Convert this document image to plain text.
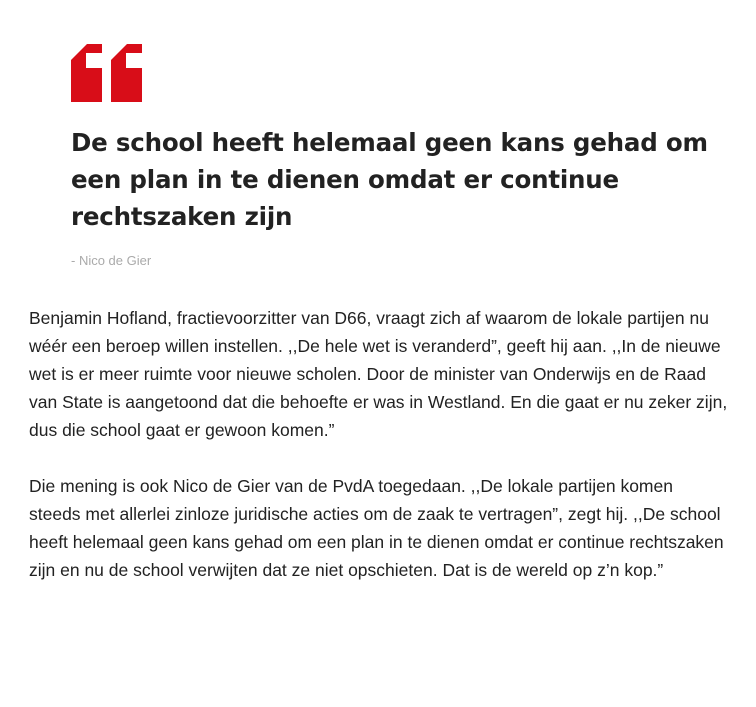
De school heeft helemaal geen kans gehad om een plan in te dienen omdat er continue rechtszaken zijn
- Nico de Gier

Benjamin Hofland, fractievoorzitter van D66, vraagt zich af waarom de lokale partijen nu wéér een beroep willen instellen. ,,De hele wet is veranderd”, geeft hij aan. ,,In de nieuwe wet is er meer ruimte voor nieuwe scholen. Door de minister van Onderwijs en de Raad van State is aangetoond dat die behoefte er was in Westland. En die gaat er nu zeker zijn, dus die school gaat er gewoon komen.”

Die mening is ook Nico de Gier van de PvdA toegedaan. ,,De lokale partijen komen steeds met allerlei zinloze juridische acties om de zaak te vertragen”, zegt hij. ,,De school heeft helemaal geen kans gehad om een plan in te dienen omdat er continue rechtszaken zijn en nu de school verwijten dat ze niet opschieten. Dat is de wereld op z’n kop.”
